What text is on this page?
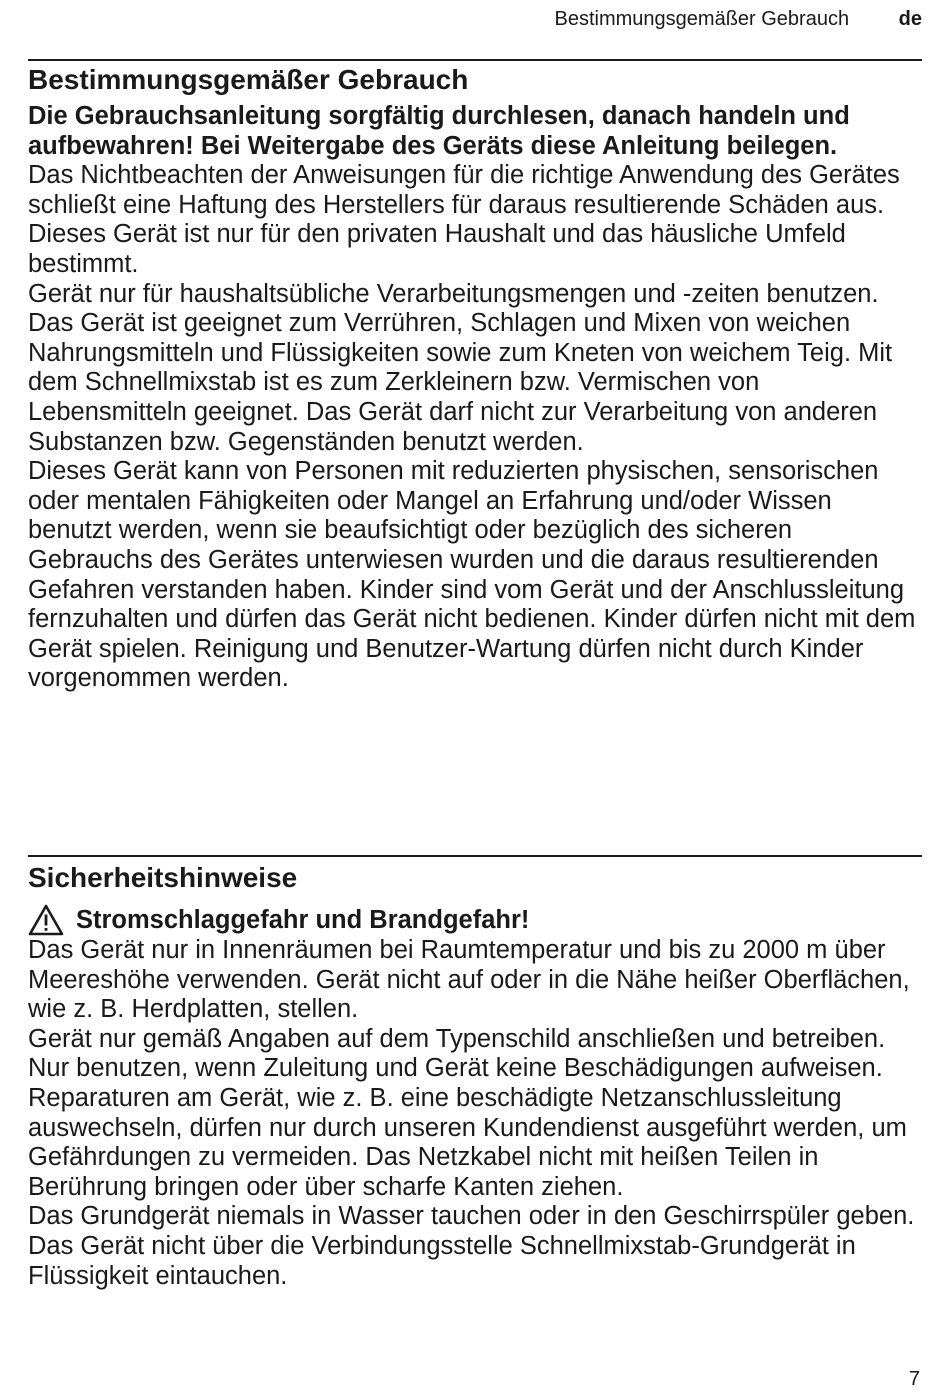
Bestimmungsgemäßer Gebrauch de
Bestimmungsgemäßer Gebrauch

Die Gebrauchsanleitung sorgfältig durchlesen, danach handeln und aufbewahren! Bei Weitergabe des Geräts diese Anleitung beilegen.

Das Nichtbeachten der Anweisungen für die richtige Anwendung des Gerätes schließt eine Haftung des Herstellers für daraus resultierende Schäden aus.

Dieses Gerät ist nur für den privaten Haushalt und das häusliche Umfeld bestimmt.

Gerät nur für haushaltsübliche Verarbeitungsmengen und -zeiten benutzen.

Das Gerät ist geeignet zum Verrühren, Schlagen und Mixen von weichen Nahrungsmitteln und Flüssigkeiten sowie zum Kneten von weichem Teig. Mit dem Schnellmixstab ist es zum Zerkleinern bzw. Vermischen von Lebensmitteln geeignet. Das Gerät darf nicht zur Verarbeitung von anderen Substanzen bzw. Gegenständen benutzt werden.

Dieses Gerät kann von Personen mit reduzierten physischen, sensorischen oder mentalen Fähigkeiten oder Mangel an Erfahrung und/oder Wissen benutzt werden, wenn sie beaufsichtigt oder bezüglich des sicheren Gebrauchs des Gerätes unterwiesen wurden und die daraus resultierenden Gefahren verstanden haben. Kinder sind vom Gerät und der Anschlussleitung fernzuhalten und dürfen das Gerät nicht bedienen. Kinder dürfen nicht mit dem Gerät spielen. Reinigung und Benutzer-Wartung dürfen nicht durch Kinder vorgenommen werden.

Sicherheitshinweise
Stromschlaggefahr und Brandgefahr!

Das Gerät nur in Innenräumen bei Raumtemperatur und bis zu 2000 m über Meereshöhe verwenden. Gerät nicht auf oder in die Nähe heißer Oberflächen, wie z. B. Herdplatten, stellen.

Gerät nur gemäß Angaben auf dem Typenschild anschließen und betreiben. Nur benutzen, wenn Zuleitung und Gerät keine Beschädigungen aufweisen. Reparaturen am Gerät, wie z. B. eine beschädigte Netzanschlussleitung auswechseln, dürfen nur durch unseren Kundendienst ausgeführt werden, um Gefährdungen zu vermeiden. Das Netzkabel nicht mit heißen Teilen in Berührung bringen oder über scharfe Kanten ziehen.

Das Grundgerät niemals in Wasser tauchen oder in den Geschirrspüler geben. Das Gerät nicht über die Verbindungsstelle Schnellmixstab-Grundgerät in Flüssigkeit eintauchen.

7
